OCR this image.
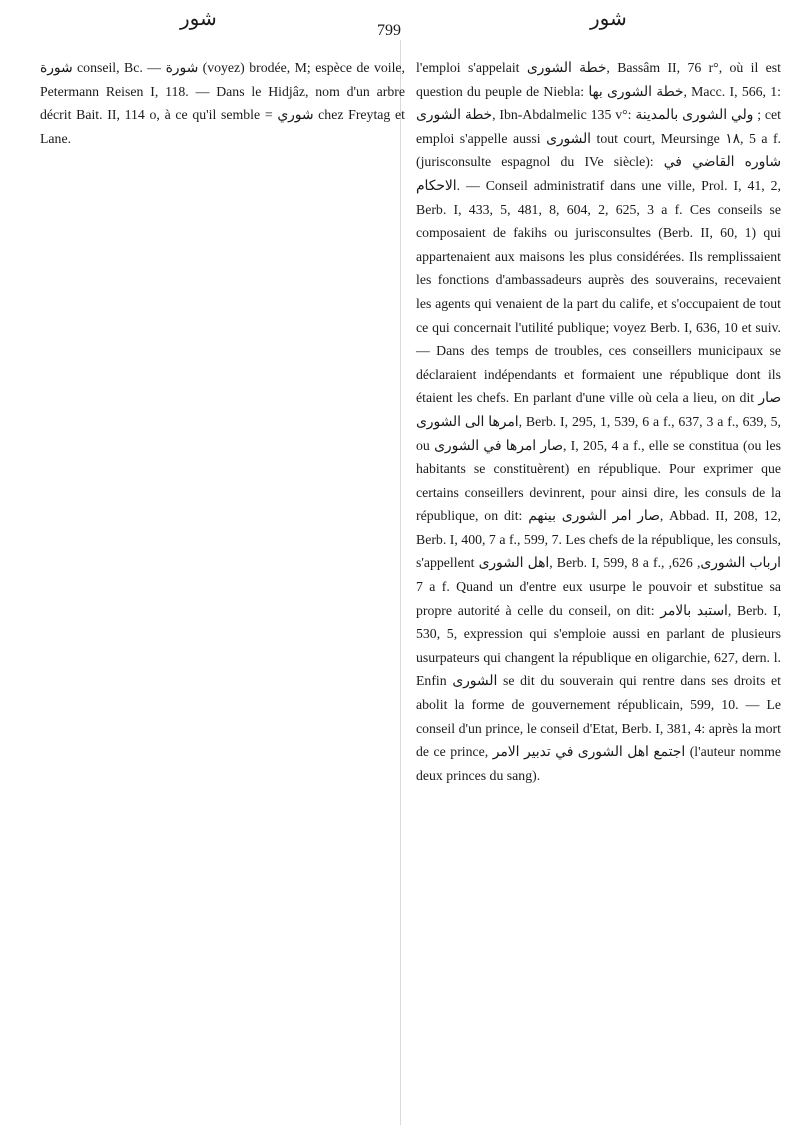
شور
799
شور

شورة conseil, Bc. — شورة (voyez) brodée, M; espèce de voile, Petermann Reisen I, 118. — Dans le Hidjâz, nom d'un arbre décrit Bait. II, 114 o, à ce qu'il semble = شوري chez Freytag et Lane.

l'emploi s'appelait خطة الشورى, Bassâm II, 76 r°, où il est question du peuple de Niebla: خطة الشورى بها, Macc. I, 566, 1: خطة الشورى, Ibn-Abdalmelic 135 v°: ولي الشورى بالمدينة ; cet emploi s'appelle aussi الشورى tout court, Meursinge ١٨, 5 a f. (jurisconsulte espagnol du IVe siècle): شاوره القاضي في الاحكام. — Conseil administratif dans une ville, Prol. I, 41, 2, Berb. I, 433, 5, 481, 8, 604, 2, 625, 3 a f. Ces conseils se composaient de fakihs ou jurisconsultes (Berb. II, 60, 1) qui appartenaient aux maisons les plus considérées. Ils remplissaient les fonctions d'ambassadeurs auprès des souverains, recevaient les agents qui venaient de la part du calife, et s'occupaient de tout ce qui concernait l'utilité publique; voyez Berb. I, 636, 10 et suiv. — Dans des temps de troubles, ces conseillers municipaux se déclaraient indépendants et formaient une république dont ils étaient les chefs. En parlant d'une ville où cela a lieu, on dit صار امرها الى الشورى, Berb. I, 295, 1, 539, 6 a f., 637, 3 a f., 639, 5, ou صار امرها في الشورى, I, 205, 4 a f., elle se constitua (ou les habitants se constituèrent) en république. Pour exprimer que certains conseillers devinrent, pour ainsi dire, les consuls de la république, on dit: صار امر الشورى بينهم, Abbad. II, 208, 12, Berb. I, 400, 7 a f., 599, 7. Les chefs de la république, les consuls, s'appellent اهل الشورى, Berb. I, 599, 8 a f., ارباب الشورى, 626, 7 a f. Quand un d'entre eux usurpe le pouvoir et substitue sa propre autorité à celle du conseil, on dit: استبد بالامر, Berb. I, 530, 5, expression qui s'emploie aussi en parlant de plusieurs usurpateurs qui changent la république en oligarchie, 627, dern. l. Enfin الشورى se dit du souverain qui rentre dans ses droits et abolit la forme de gouvernement républicain, 599, 10. — Le conseil d'un prince, le conseil d'Etat, Berb. I, 381, 4: après la mort de ce prince, اجتمع اهل الشورى في تدبير الامر (l'auteur nomme deux princes du sang).
